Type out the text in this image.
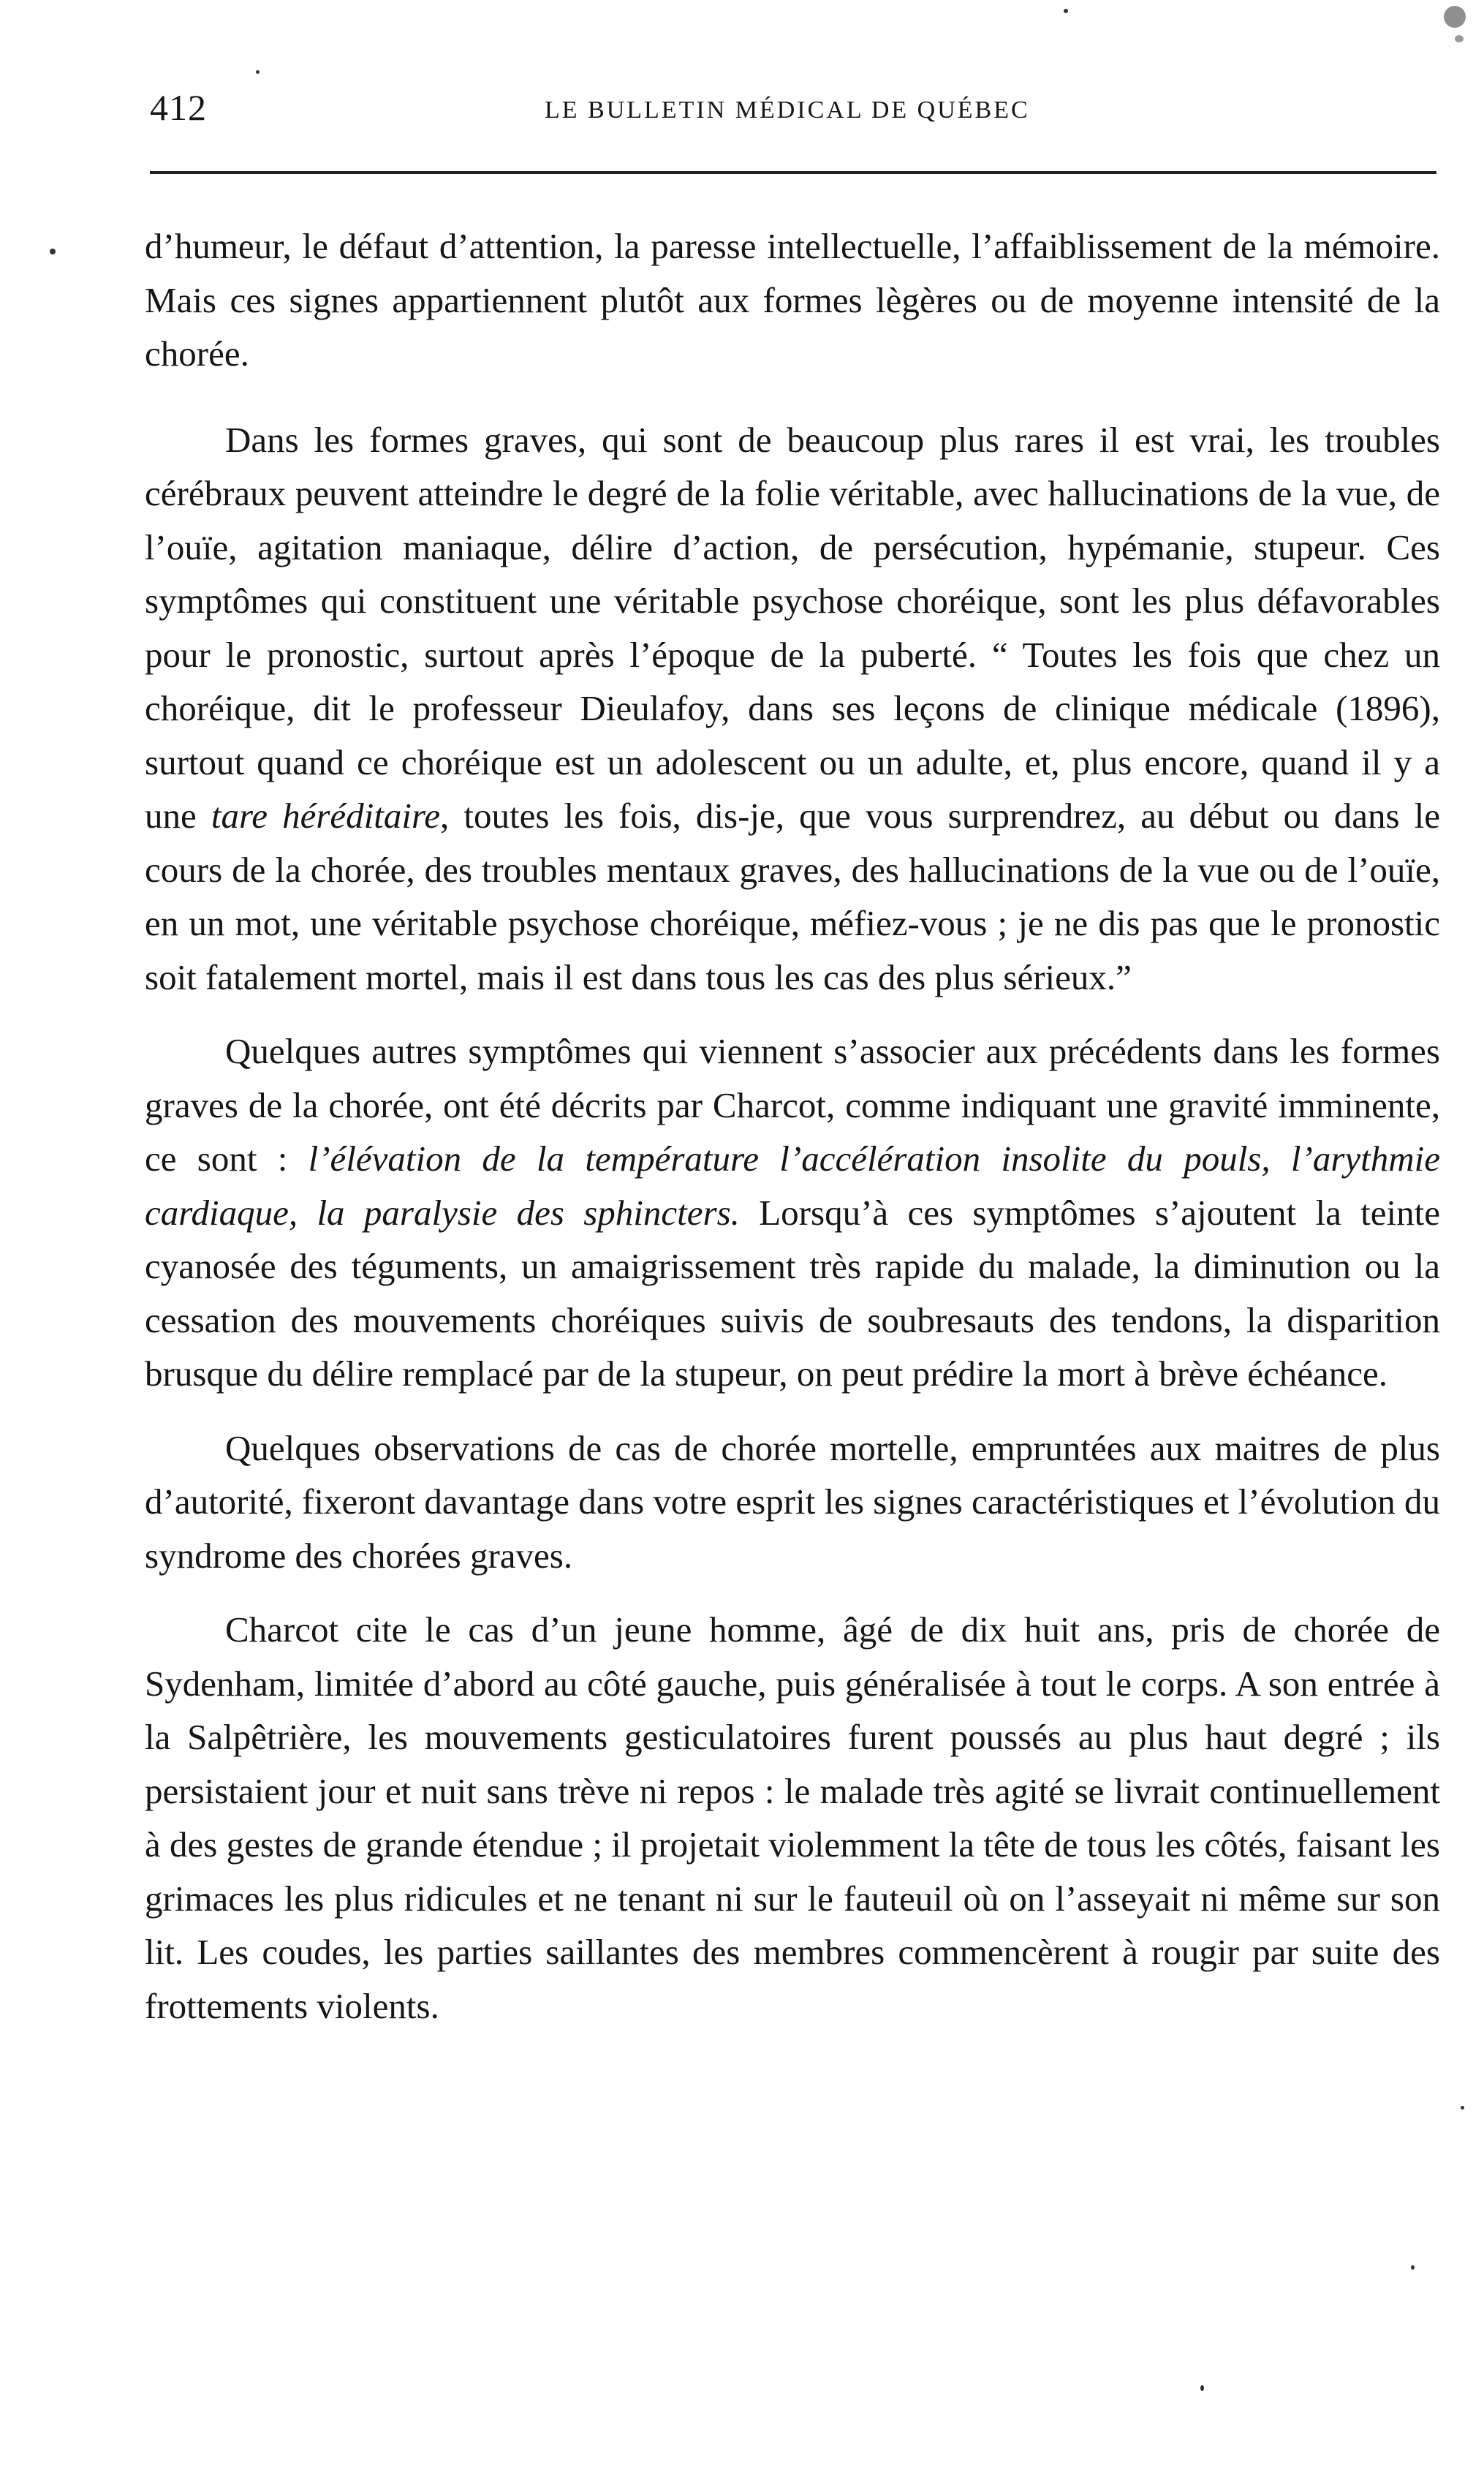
412	LE BULLETIN MÉDICAL DE QUÉBEC

d’humeur, le défaut d’attention, la paresse intellectuelle, l’affaiblissement de la mémoire. Mais ces signes appartiennent plutôt aux formes lègères ou de moyenne intensité de la chorée.

Dans les formes graves, qui sont de beaucoup plus rares il est vrai, les troubles cérébraux peuvent atteindre le degré de la folie véritable, avec hallucinations de la vue, de l’ouïe, agitation maniaque, délire d’action, de persécution, hypémanie, stupeur. Ces symptômes qui constituent une véritable psychose choréique, sont les plus défavorables pour le pronostic, surtout après l’époque de la puberté. “ Toutes les fois que chez un choréique, dit le professeur Dieulafoy, dans ses leçons de clinique médicale (1896), surtout quand ce choréique est un adolescent ou un adulte, et, plus encore, quand il y a une tare héréditaire, toutes les fois, dis-je, que vous surprendrez, au début ou dans le cours de la chorée, des troubles mentaux graves, des hallucinations de la vue ou de l’ouïe, en un mot, une véritable psychose choréique, méfiez-vous ; je ne dis pas que le pronostic soit fatalement mortel, mais il est dans tous les cas des plus sérieux.”

Quelques autres symptômes qui viennent s’associer aux précédents dans les formes graves de la chorée, ont été décrits par Charcot, comme indiquant une gravité imminente, ce sont : l’élévation de la température l’accélération insolite du pouls, l’arythmie cardiaque, la paralysie des sphincters. Lorsqu’à ces symptômes s’ajoutent la teinte cyanosée des téguments, un amaigrissement très rapide du malade, la diminution ou la cessation des mouvements choréiques suivis de soubresauts des tendons, la disparition brusque du délire remplacé par de la stupeur, on peut prédire la mort à brève échéance.

Quelques observations de cas de chorée mortelle, empruntées aux maitres de plus d’autorité, fixeront davantage dans votre esprit les signes caractéristiques et l’évolution du syndrome des chorées graves.

Charcot cite le cas d’un jeune homme, âgé de dix huit ans, pris de chorée de Sydenham, limitée d’abord au côté gauche, puis généralisée à tout le corps. A son entrée à la Salpêtrière, les mouvements gesticulatoires furent poussés au plus haut degré ; ils persistaient jour et nuit sans trève ni repos : le malade très agité se livrait continuellement à des gestes de grande étendue ; il projetait violemment la tête de tous les côtés, faisant les grimaces les plus ridicules et ne tenant ni sur le fauteuil où on l’asseyait ni même sur son lit. Les coudes, les parties saillantes des membres commencèrent à rougir par suite des frottements violents.
